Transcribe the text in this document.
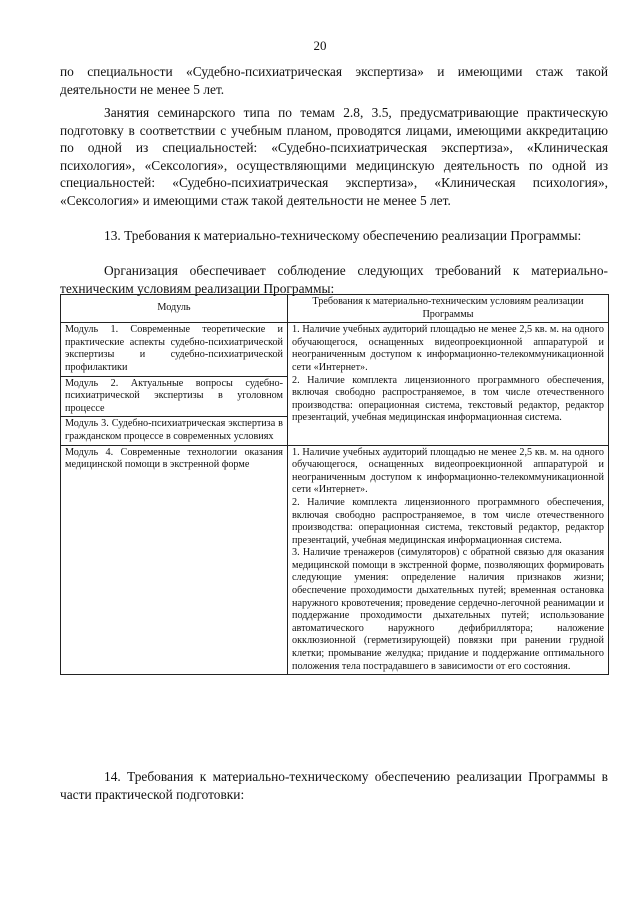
20

по специальности «Судебно-психиатрическая экспертиза» и имеющими стаж такой деятельности не менее 5 лет.

Занятия семинарского типа по темам 2.8, 3.5, предусматривающие практическую подготовку в соответствии с учебным планом, проводятся лицами, имеющими аккредитацию по одной из специальностей: «Судебно-психиатрическая экспертиза», «Клиническая психология», «Сексология», осуществляющими медицинскую деятельность по одной из специальностей: «Судебно-психиатрическая экспертиза», «Клиническая психология», «Сексология» и имеющими стаж такой деятельности не менее 5 лет.

13. Требования к материально-техническому обеспечению реализации Программы:

Организация обеспечивает соблюдение следующих требований к материально-техническим условиям реализации Программы:

Модуль	Требования к материально-техническим условиям реализации Программы

Модуль 1. Современные теоретические и практические аспекты судебно-психиатрической экспертизы и судебно-психиатрической профилактики	1. Наличие учебных аудиторий площадью не менее 2,5 кв. м. на одного обучающегося, оснащенных видеопроекционной аппаратурой и неограниченным доступом к информационно-телекоммуникационной сети «Интернет».
2. Наличие комплекта лицензионного программного обеспечения, включая свободно распространяемое, в том числе отечественного производства: операционная система, текстовый редактор, редактор презентаций, учебная медицинская информационная система.

Модуль 2. Актуальные вопросы судебно-психиатрической экспертизы в уголовном процессе	

Модуль 3. Судебно-психиатрическая экспертиза в гражданском процессе в современных условиях	

Модуль 4. Современные технологии оказания медицинской помощи в экстренной форме	1. Наличие учебных аудиторий площадью не менее 2,5 кв. м. на одного обучающегося, оснащенных видеопроекционной аппаратурой и неограниченным доступом к информационно-телекоммуникационной сети «Интернет».
2. Наличие комплекта лицензионного программного обеспечения, включая свободно распространяемое, в том числе отечественного производства: операционная система, текстовый редактор, редактор презентаций, учебная медицинская информационная система.
3. Наличие тренажеров (симуляторов) с обратной связью для оказания медицинской помощи в экстренной форме, позволяющих формировать следующие умения: определение наличия признаков жизни; обеспечение проходимости дыхательных путей; временная остановка наружного кровотечения; проведение сердечно-легочной реанимации и поддержание проходимости дыхательных путей; использование автоматического наружного дефибриллятора; наложение окклюзионной (герметизирующей) повязки при ранении грудной клетки; промывание желудка; придание и поддержание оптимального положения тела пострадавшего в зависимости от его состояния.

14. Требования к материально-техническому обеспечению реализации Программы в части практической подготовки:
